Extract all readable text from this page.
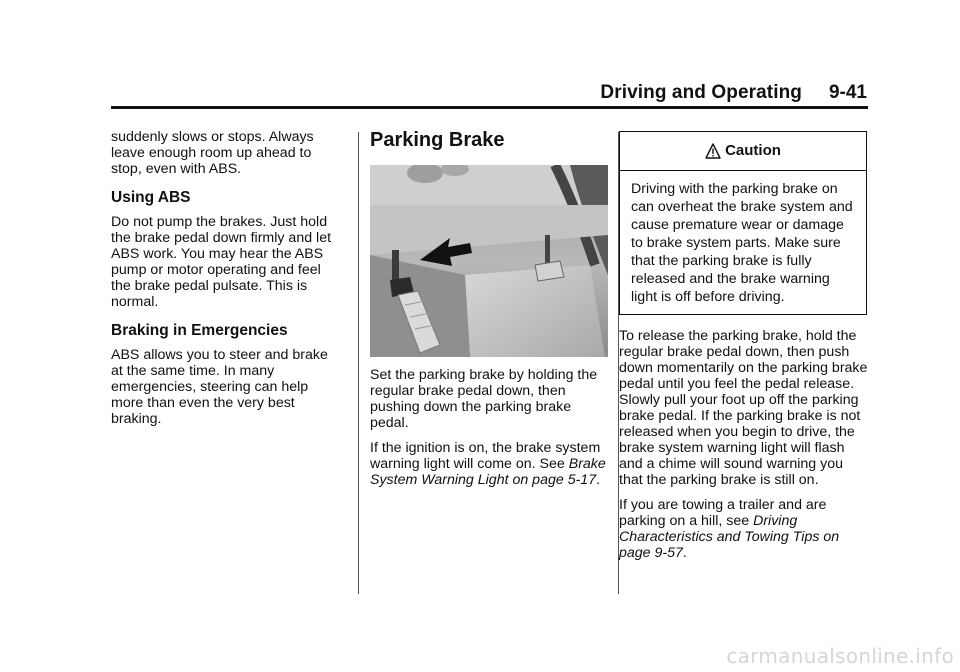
Driving and Operating 9-41

suddenly slows or stops. Always leave enough room up ahead to stop, even with ABS.

Using ABS

Do not pump the brakes. Just hold the brake pedal down firmly and let ABS work. You may hear the ABS pump or motor operating and feel the brake pedal pulsate. This is normal.

Braking in Emergencies

ABS allows you to steer and brake at the same time. In many emergencies, steering can help more than even the very best braking.

Parking Brake

Set the parking brake by holding the regular brake pedal down, then pushing down the parking brake pedal.

If the ignition is on, the brake system warning light will come on. See Brake System Warning Light on page 5-17.

Caution
Driving with the parking brake on can overheat the brake system and cause premature wear or damage to brake system parts. Make sure that the parking brake is fully released and the brake warning light is off before driving.

To release the parking brake, hold the regular brake pedal down, then push down momentarily on the parking brake pedal until you feel the pedal release. Slowly pull your foot up off the parking brake pedal. If the parking brake is not released when you begin to drive, the brake system warning light will flash and a chime will sound warning you that the parking brake is still on.

If you are towing a trailer and are parking on a hill, see Driving Characteristics and Towing Tips on page 9-57.

carmanualsonline.info
